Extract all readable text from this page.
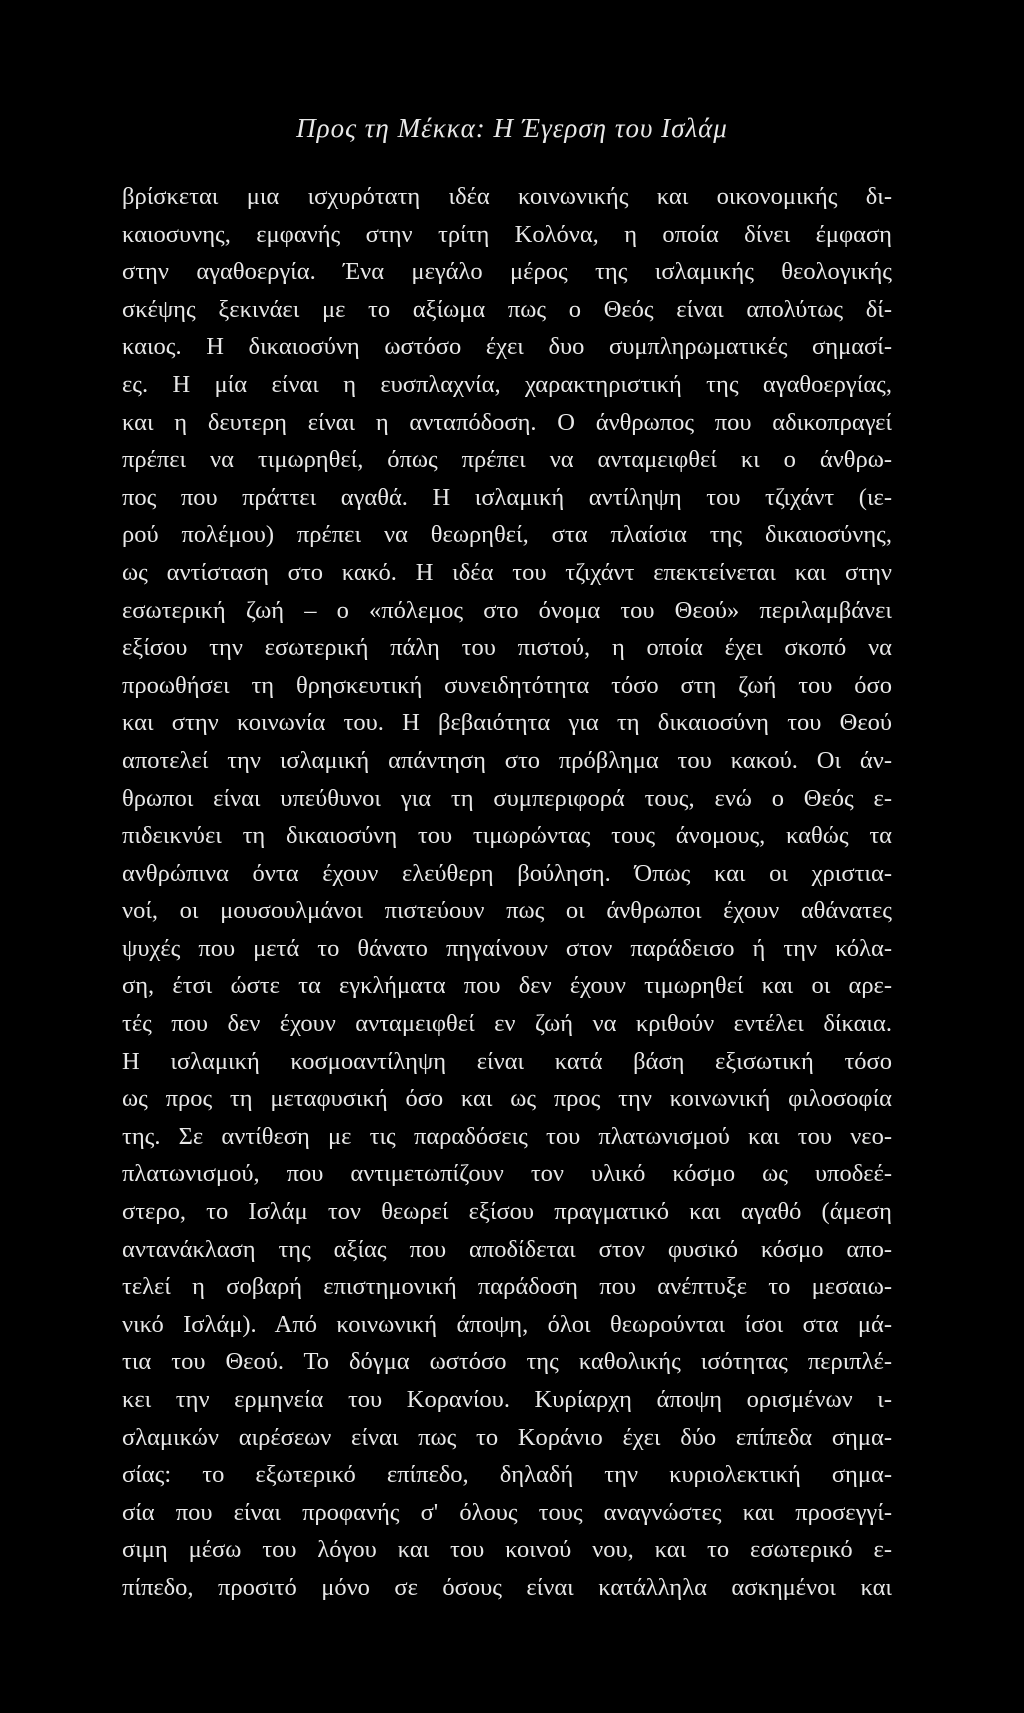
Προς τη Μέκκα: Η Έγερση του Ισλάμ
βρίσκεται μια ισχυρότατη ιδέα κοινωνικής και οικονομικής δι-
καιοσυνης, εμφανής στην τρίτη Κολόνα, η οποία δίνει έμφαση
στην αγαθοεργία. Ένα μεγάλο μέρος της ισλαμικής θεολογικής
σκέψης ξεκινάει με το αξίωμα πως ο Θεός είναι απολύτως δί-
καιος. Η δικαιοσύνη ωστόσο έχει δυο συμπληρωματικές σημασί-
ες. Η μία είναι η ευσπλαχνία, χαρακτηριστική της αγαθοεργίας,
και η δευτερη είναι η ανταπόδοση. Ο άνθρωπος που αδικοπραγεί
πρέπει να τιμωρηθεί, όπως πρέπει να ανταμειφθεί κι ο άνθρω-
πος που πράττει αγαθά. Η ισλαμική αντίληψη του τζιχάντ (ιε-
ρού πολέμου) πρέπει να θεωρηθεί, στα πλαίσια της δικαιοσύνης,
ως αντίσταση στο κακό. Η ιδέα του τζιχάντ επεκτείνεται και στην
εσωτερική ζωή – ο «πόλεμος στο όνομα του Θεού» περιλαμβάνει
εξίσου την εσωτερική πάλη του πιστού, η οποία έχει σκοπό να
προωθήσει τη θρησκευτική συνειδητότητα τόσο στη ζωή του όσο
και στην κοινωνία του. Η βεβαιότητα για τη δικαιοσύνη του Θεού
αποτελεί την ισλαμική απάντηση στο πρόβλημα του κακού. Οι άν-
θρωποι είναι υπεύθυνοι για τη συμπεριφορά τους, ενώ ο Θεός ε-
πιδεικνύει τη δικαιοσύνη του τιμωρώντας τους άνομους, καθώς τα
ανθρώπινα όντα έχουν ελεύθερη βούληση. Όπως και οι χριστια-
νοί, οι μουσουλμάνοι πιστεύουν πως οι άνθρωποι έχουν αθάνατες
ψυχές που μετά το θάνατο πηγαίνουν στον παράδεισο ή την κόλα-
ση, έτσι ώστε τα εγκλήματα που δεν έχουν τιμωρηθεί και οι αρε-
τές που δεν έχουν ανταμειφθεί εν ζωή να κριθούν εντέλει δίκαια.
Η ισλαμική κοσμοαντίληψη είναι κατά βάση εξισωτική τόσο
ως προς τη μεταφυσική όσο και ως προς την κοινωνική φιλοσοφία
της. Σε αντίθεση με τις παραδόσεις του πλατωνισμού και του νεο-
πλατωνισμού, που αντιμετωπίζουν τον υλικό κόσμο ως υποδεέ-
στερο, το Ισλάμ τον θεωρεί εξίσου πραγματικό και αγαθό (άμεση
αντανάκλαση της αξίας που αποδίδεται στον φυσικό κόσμο απο-
τελεί η σοβαρή επιστημονική παράδοση που ανέπτυξε το μεσαιω-
νικό Ισλάμ). Από κοινωνική άποψη, όλοι θεωρούνται ίσοι στα μά-
τια του Θεού. Το δόγμα ωστόσο της καθολικής ισότητας περιπλέ-
κει την ερμηνεία του Κορανίου. Κυρίαρχη άποψη ορισμένων ι-
σλαμικών αιρέσεων είναι πως το Κοράνιο έχει δύο επίπεδα σημα-
σίας: το εξωτερικό επίπεδο, δηλαδή την κυριολεκτική σημα-
σία που είναι προφανής σ' όλους τους αναγνώστες και προσεγγί-
σιμη μέσω του λόγου και του κοινού νου, και το εσωτερικό ε-
πίπεδο, προσιτό μόνο σε όσους είναι κατάλληλα ασκημένοι και
